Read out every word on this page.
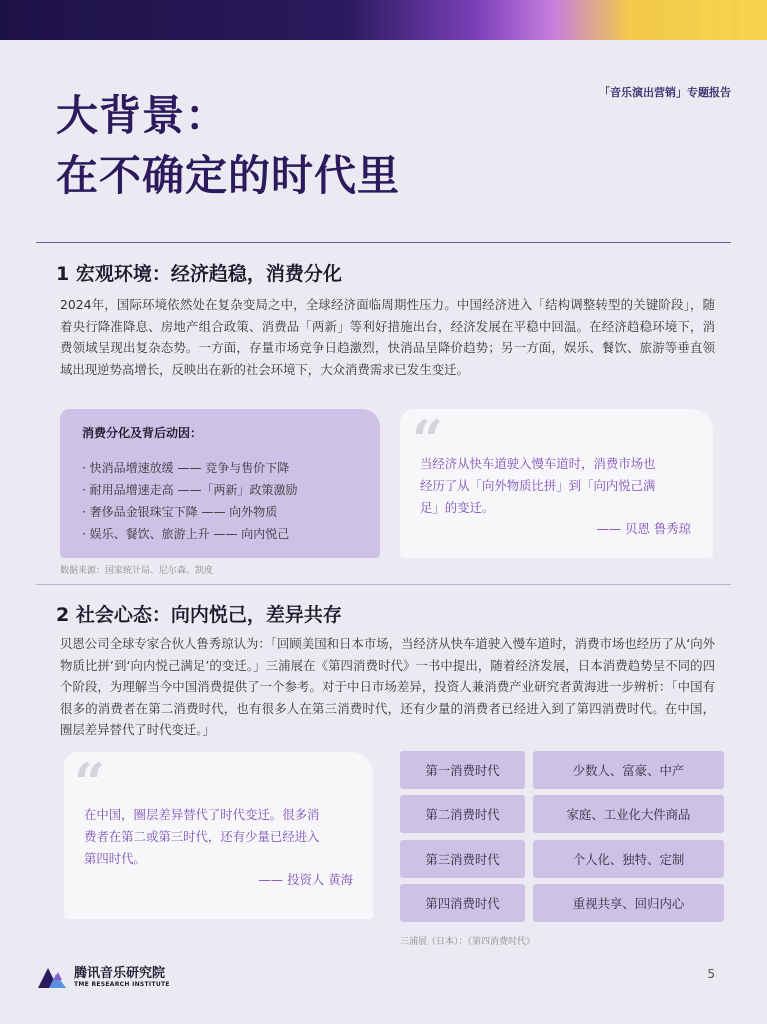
「音乐演出营销」专题报告
大背景：
在不确定的时代里
1 宏观环境：经济趋稳，消费分化
2024年，国际环境依然处在复杂变局之中，全球经济面临周期性压力。中国经济进入「结构调整转型的关键阶段」，随着央行降准降息、房地产组合政策、消费品「两新」等利好措施出台，经济发展在平稳中回温。在经济趋稳环境下，消费领域呈现出复杂态势。一方面，存量市场竞争日趋激烈，快消品呈降价趋势；另一方面，娱乐、餐饮、旅游等垂直领域出现逆势高增长，反映出在新的社会环境下，大众消费需求已发生变迁。
消费分化及背后动因：
· 快消品增速放缓 —— 竞争与售价下降
· 耐用品增速走高 ——「两新」政策激励
· 奢侈品金银珠宝下降 —— 向外物质
· 娱乐、餐饮、旅游上升 —— 向内悦己
“
当经济从快车道驶入慢车道时，消费市场也
经历了从「向外物质比拼」到「向内悦己满
足」的变迁。
—— 贝恩 鲁秀琼
数据来源：国家统计局、尼尔森、凯度
2 社会心态：向内悦己，差异共存
贝恩公司全球专家合伙人鲁秀琼认为：「回顾美国和日本市场，当经济从快车道驶入慢车道时，消费市场也经历了从‘向外物质比拼’到‘向内悦己满足’的变迁。」三浦展在《第四消费时代》一书中提出，随着经济发展，日本消费趋势呈不同的四个阶段，为理解当今中国消费提供了一个参考。对于中日市场差异，投资人兼消费产业研究者黄海进一步辨析：「中国有很多的消费者在第二消费时代，也有很多人在第三消费时代，还有少量的消费者已经进入到了第四消费时代。在中国，圈层差异替代了时代变迁。」
“
在中国，圈层差异替代了时代变迁。很多消
费者在第二或第三时代，还有少量已经进入
第四时代。
—— 投资人 黄海
第一消费时代	少数人、富豪、中产
第二消费时代	家庭、工业化大件商品
第三消费时代	个人化、独特、定制
第四消费时代	重视共享、回归内心
三浦展（日本）：《第四消费时代》
腾讯音乐研究院
TME RESEARCH INSTITUTE
5
